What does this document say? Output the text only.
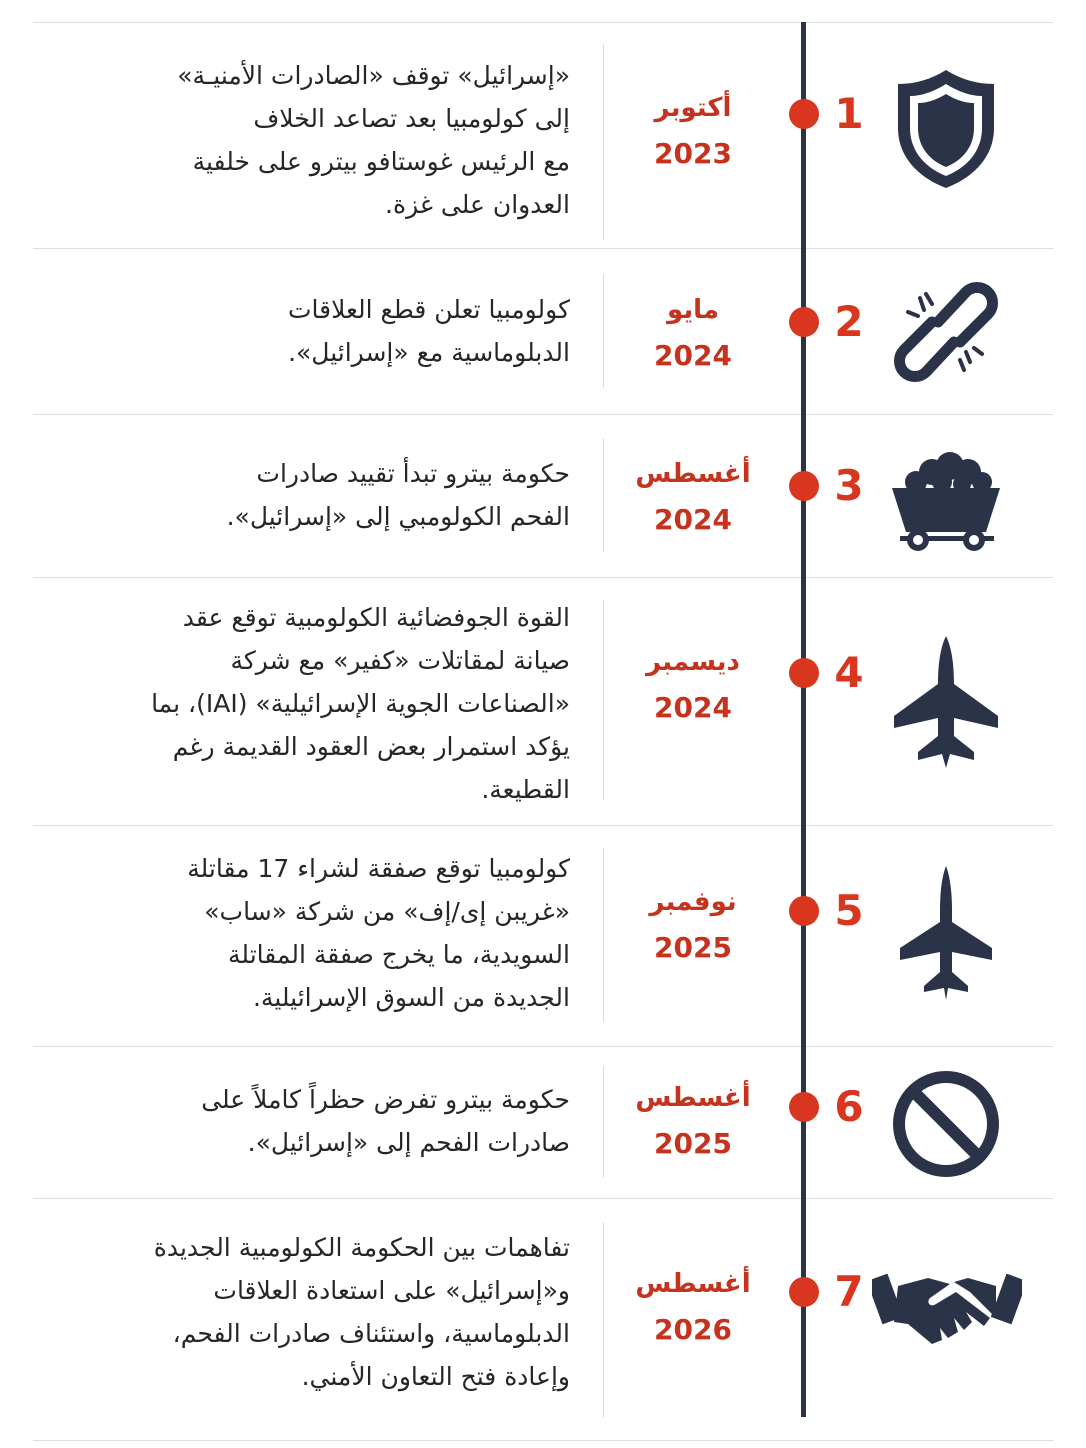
«إسرائيل» توقف «الصادرات الأمنيـة»
إلى كولومبيا بعد تصاعد الخلاف
مع الرئيس غوستافو بيترو على خلفية
العدوان على غزة.
أكتوبر
2023
1
كولومبيا تعلن قطع العلاقات
الدبلوماسية مع «إسرائيل».
مايو
2024
2
حكومة بيترو تبدأ تقييد صادرات
الفحم الكولومبي إلى «إسرائيل».
أغسطس
2024
3
القوة الجوفضائية الكولومبية توقع عقد
صيانة لمقاتلات «كفير» مع شركة
«الصناعات الجوية الإسرائيلية» (IAI)، بما
يؤكد استمرار بعض العقود القديمة رغم
القطيعة.
ديسمبر
2024
4
كولومبيا توقع صفقة لشراء 17 مقاتلة
«غريبن إى/إف» من شركة «ساب»
السويدية، ما يخرج صفقة المقاتلة
الجديدة من السوق الإسرائيلية.
نوفمبر
2025
5
حكومة بيترو تفرض حظراً كاملاً على
صادرات الفحم إلى «إسرائيل».
أغسطس
2025
6
تفاهمات بين الحكومة الكولومبية الجديدة
و«إسرائيل» على استعادة العلاقات
الدبلوماسية، واستئناف صادرات الفحم،
وإعادة فتح التعاون الأمني.
أغسطس
2026
7
